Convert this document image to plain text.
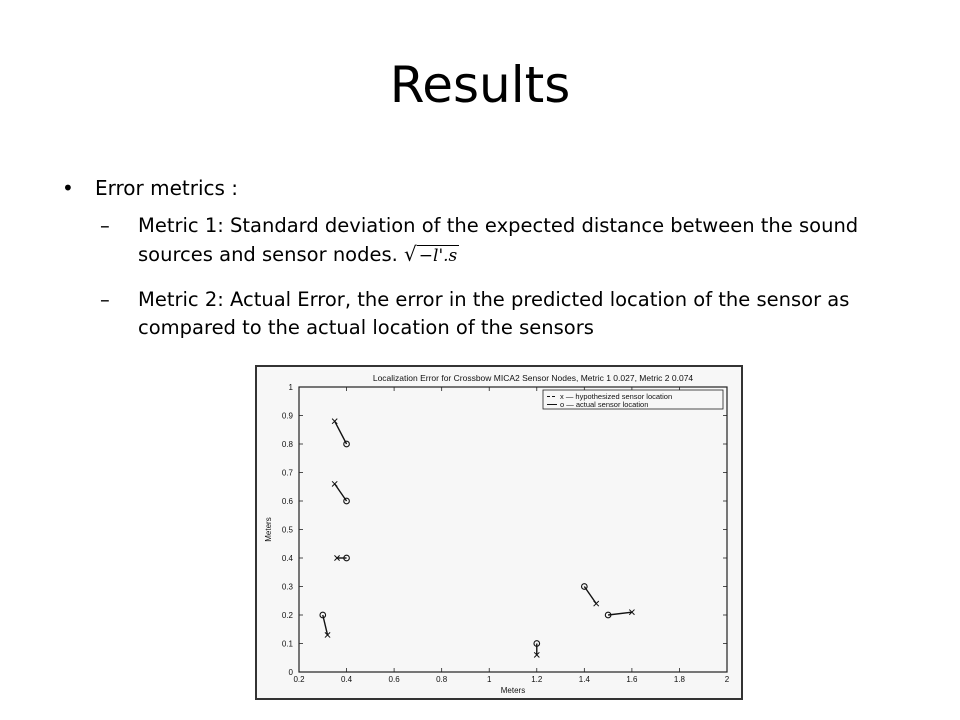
Results
• Error metrics :
– Metric 1: Standard deviation of the expected distance between the sound sources and sensor nodes. √ −l'.s
– Metric 2: Actual Error, the error in the predicted location of the sensor as compared to the actual location of the sensors
Localization Error for Crossbow MICA2 Sensor Nodes, Metric 1 0.027, Metric 2 0.074
Meters
Meters
0.2	0.4	0.6	0.8	1	1.2	1.4	1.6	1.8	2
0
0.1
0.2
0.3
0.4
0.5
0.6
0.7
0.8
0.9
1
x — hypothesized sensor location
o — actual sensor location
